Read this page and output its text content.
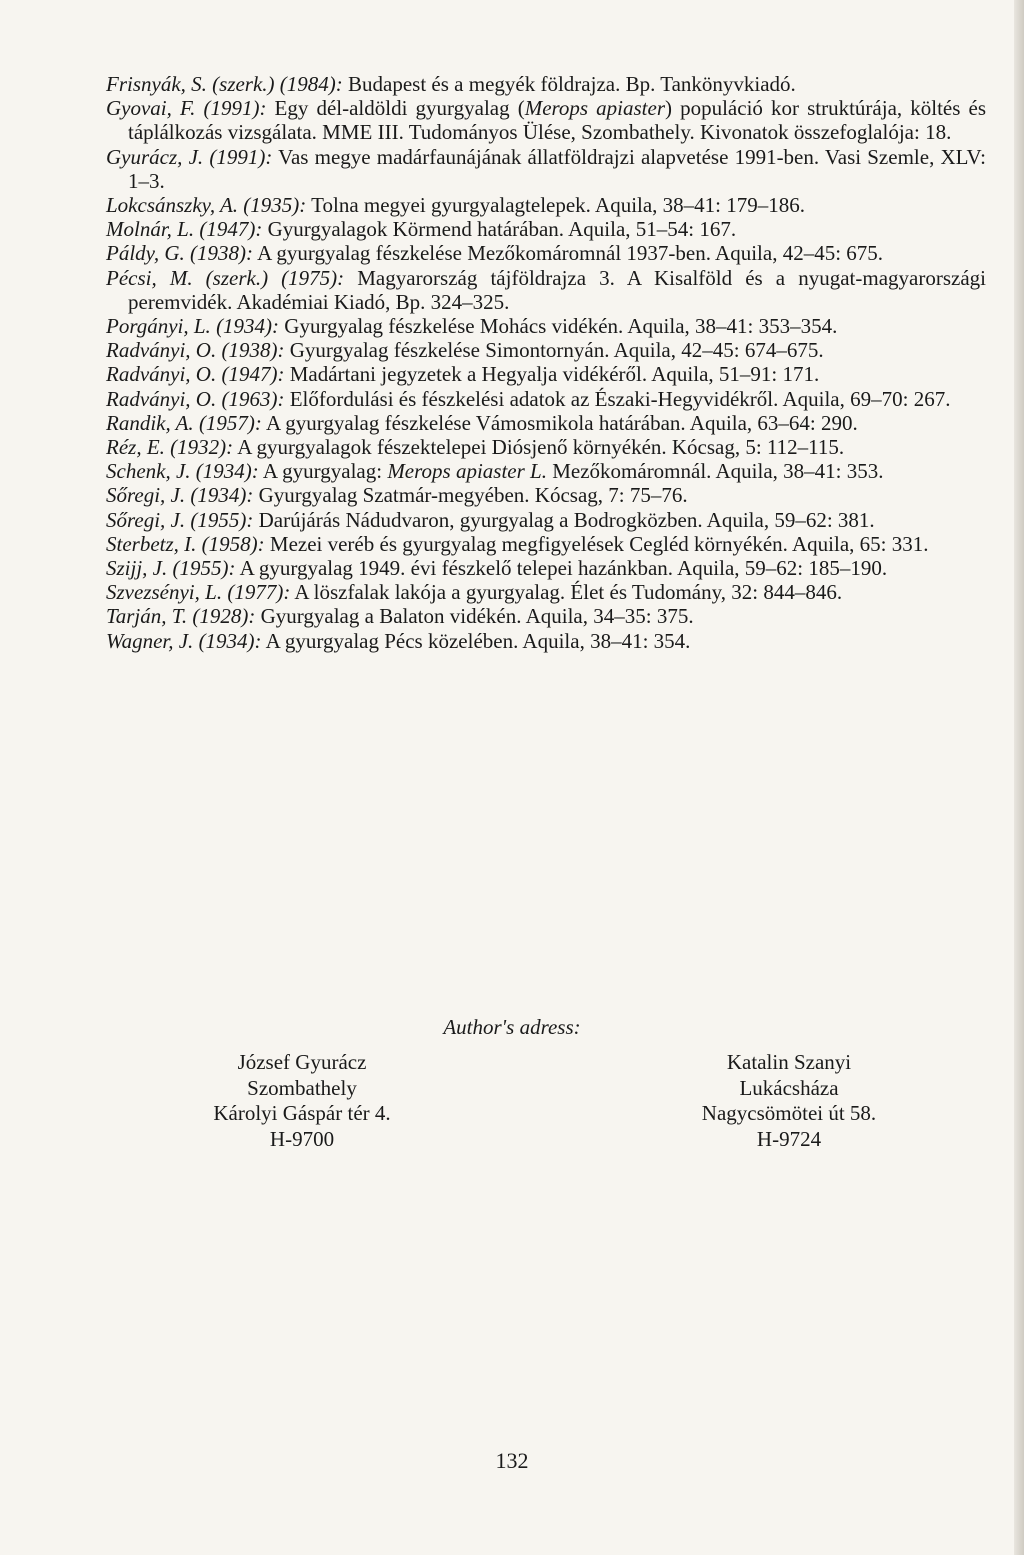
Frisnyák, S. (szerk.) (1984): Budapest és a megyék földrajza. Bp. Tankönyvkiadó.
Gyovai, F. (1991): Egy dél-aldöldi gyurgyalag (Merops apiaster) populáció kor struktúrája, költés és táplálkozás vizsgálata. MME III. Tudományos Ülése, Szombathely. Kivonatok összefoglalója: 18.
Gyurácz, J. (1991): Vas megye madárfaunájának állatföldrajzi alapvetése 1991-ben. Vasi Szemle, XLV: 1–3.
Lokcsánszky, A. (1935): Tolna megyei gyurgyalagtelepek. Aquila, 38–41: 179–186.
Molnár, L. (1947): Gyurgyalagok Körmend határában. Aquila, 51–54: 167.
Páldy, G. (1938): A gyurgyalag fészkelése Mezőkomáromnál 1937-ben. Aquila, 42–45: 675.
Pécsi, M. (szerk.) (1975): Magyarország tájföldrajza 3. A Kisalföld és a nyugat-magyarországi peremvidék. Akadémiai Kiadó, Bp. 324–325.
Porgányi, L. (1934): Gyurgyalag fészkelése Mohács vidékén. Aquila, 38–41: 353–354.
Radványi, O. (1938): Gyurgyalag fészkelése Simontornyán. Aquila, 42–45: 674–675.
Radványi, O. (1947): Madártani jegyzetek a Hegyalja vidékéről. Aquila, 51–91: 171.
Radványi, O. (1963): Előfordulási és fészkelési adatok az Északi-Hegyvidékről. Aquila, 69–70: 267.
Randik, A. (1957): A gyurgyalag fészkelése Vámosmikola határában. Aquila, 63–64: 290.
Réz, E. (1932): A gyurgyalagok fészektelepei Diósjenő környékén. Kócsag, 5: 112–115.
Schenk, J. (1934): A gyurgyalag: Merops apiaster L. Mezőkomáromnál. Aquila, 38–41: 353.
Sőregi, J. (1934): Gyurgyalag Szatmár-megyében. Kócsag, 7: 75–76.
Sőregi, J. (1955): Darújárás Nádudvaron, gyurgyalag a Bodrogközben. Aquila, 59–62: 381.
Sterbetz, I. (1958): Mezei veréb és gyurgyalag megfigyelések Cegléd környékén. Aquila, 65: 331.
Szijj, J. (1955): A gyurgyalag 1949. évi fészkelő telepei hazánkban. Aquila, 59–62: 185–190.
Szvezsényi, L. (1977): A löszfalak lakója a gyurgyalag. Élet és Tudomány, 32: 844–846.
Tarján, T. (1928): Gyurgyalag a Balaton vidékén. Aquila, 34–35: 375.
Wagner, J. (1934): A gyurgyalag Pécs közelében. Aquila, 38–41: 354.
Author's adress:
József Gyurácz
Szombathely
Károlyi Gáspár tér 4.
H-9700
Katalin Szanyi
Lukácsháza
Nagycsömötei út 58.
H-9724
132
